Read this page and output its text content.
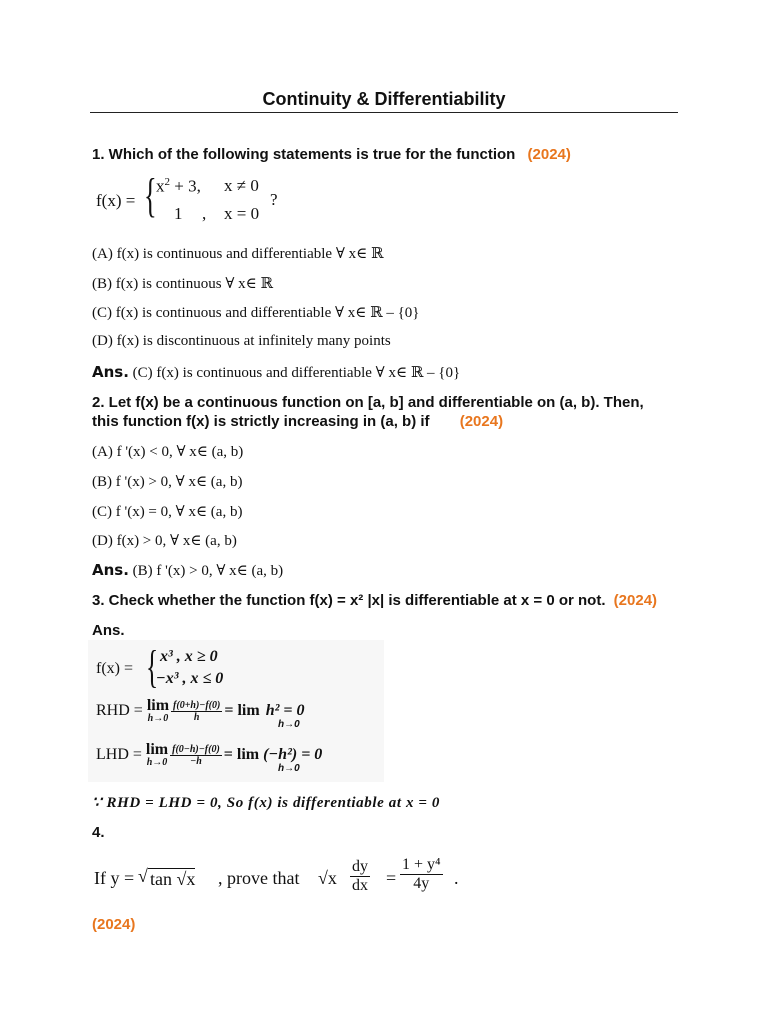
Continuity & Differentiability
1. Which of the following statements is true for the function (2024)
f(x) = { $x^2 + 3$, x ≠ 0
1 , x = 0
?
(A) f(x) is continuous and differentiable ∀ x∈ ℝ
(B) f(x) is continuous ∀ x∈ ℝ
(C) f(x) is continuous and differentiable ∀ x∈ ℝ – {0}
(D) f(x) is discontinuous at infinitely many points
Ans. (C) f(x) is continuous and differentiable ∀ x∈ ℝ – {0}
2. Let f(x) be a continuous function on [a, b] and differentiable on (a, b). Then,
this function f(x) is strictly increasing in (a, b) if (2024)
(A) f '(x) < 0, ∀ x∈ (a, b)
(B) f '(x) > 0, ∀ x∈ (a, b)
(C) f '(x) = 0, ∀ x∈ (a, b)
(D) f(x) > 0, ∀ x∈ (a, b)
Ans. (B) f '(x) > 0, ∀ x∈ (a, b)
3. Check whether the function f(x) = x² |x| is differentiable at x = 0 or not. (2024)
Ans.
f(x) = { x³ , x ≥ 0
−x³ , x ≤ 0
RHD = lim
$h\to 0 \frac{f(0+h)-f(0)}{h} = \lim h^2 = 0$
h→0
LHD = lim
$h\to 0 \frac{f(0-h)-f(0)}{-h} = \lim (-h^2) = 0$
h→0
∵ RHD = LHD = 0, So f(x) is differentiable at x = 0
4.
If y = √ tan √x , prove that $√x \frac{dy}{dx} = \frac{\text{1 + y⁴}}{4y}$ .
(2024)
